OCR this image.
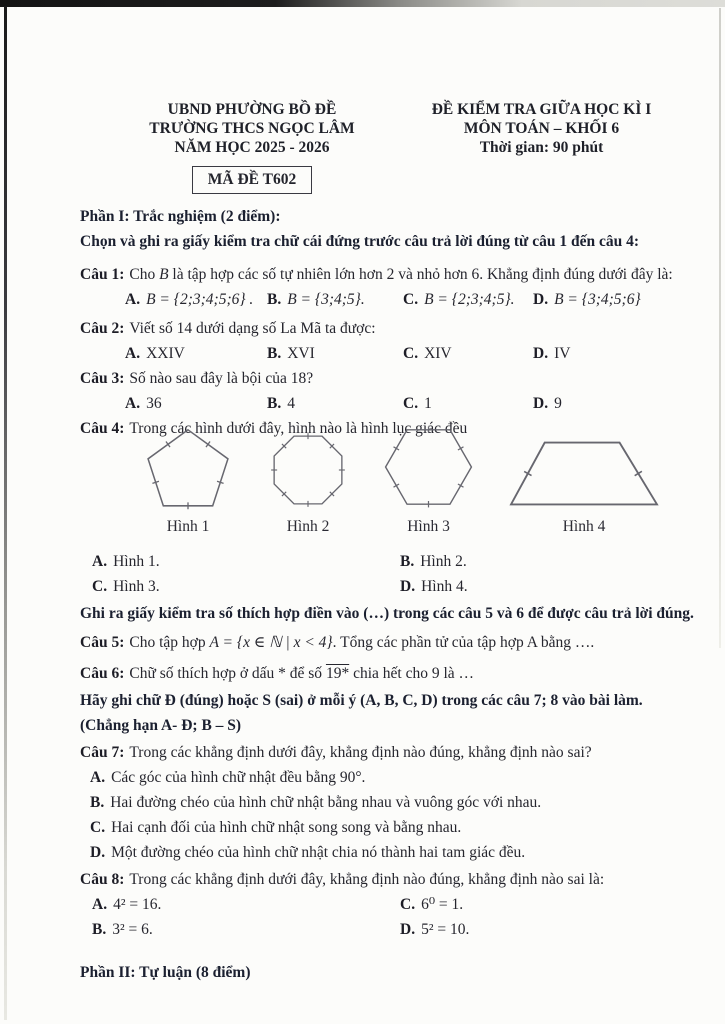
UBND PHƯỜNG BỒ ĐỀ
TRƯỜNG THCS NGỌC LÂM
NĂM HỌC 2025 - 2026
MÃ ĐỀ T602
ĐỀ KIỂM TRA GIỮA HỌC KÌ I
MÔN TOÁN – KHỐI 6
Thời gian: 90 phút

Phần I: Trắc nghiệm (2 điểm):

Chọn và ghi ra giấy kiểm tra chữ cái đứng trước câu trả lời đúng từ câu 1 đến câu 4:

Câu 1: Cho B là tập hợp các số tự nhiên lớn hơn 2 và nhỏ hơn 6. Khẳng định đúng dưới đây là:

A. B = {2;3;4;5;6} . B. B = {3;4;5}.	C. B = {2;3;4;5}.	D. B = {3;4;5;6}

Câu 2: Viết số 14 dưới dạng số La Mã ta được:

A. XXIV	B. XVI	C. XIV	D. IV

Câu 3: Số nào sau đây là bội của 18?

A. 36	B. 4	C. 1	D. 9

Câu 4: Trong các hình dưới đây, hình nào là hình lục giác đều

Hình 1	Hình 2	Hình 3	Hình 4
A. Hình 1.	B. Hình 2.
C. Hình 3.	D. Hình 4.

Ghi ra giấy kiểm tra số thích hợp điền vào (…) trong các câu 5 và 6 để được câu trả lời đúng.

Câu 5: Cho tập hợp A = {x ∈ ℕ | x < 4}. Tổng các phần tử của tập hợp A bằng ….

Câu 6: Chữ số thích hợp ở dấu * để số 19* chia hết cho 9 là …

Hãy ghi chữ Đ (đúng) hoặc S (sai) ở mỗi ý (A, B, C, D) trong các câu 7; 8 vào bài làm.

(Chẳng hạn A- Đ; B – S)

Câu 7: Trong các khẳng định dưới đây, khẳng định nào đúng, khẳng định nào sai?

A. Các góc của hình chữ nhật đều bằng 90°.

B. Hai đường chéo của hình chữ nhật bằng nhau và vuông góc với nhau.

C. Hai cạnh đối của hình chữ nhật song song và bằng nhau.

D. Một đường chéo của hình chữ nhật chia nó thành hai tam giác đều.

Câu 8: Trong các khẳng định dưới đây, khẳng định nào đúng, khẳng định nào sai là:

A. 4² = 16.	C. 6⁰ = 1.
B. 3² = 6.	D. 5² = 10.

Phần II: Tự luận (8 điểm)
